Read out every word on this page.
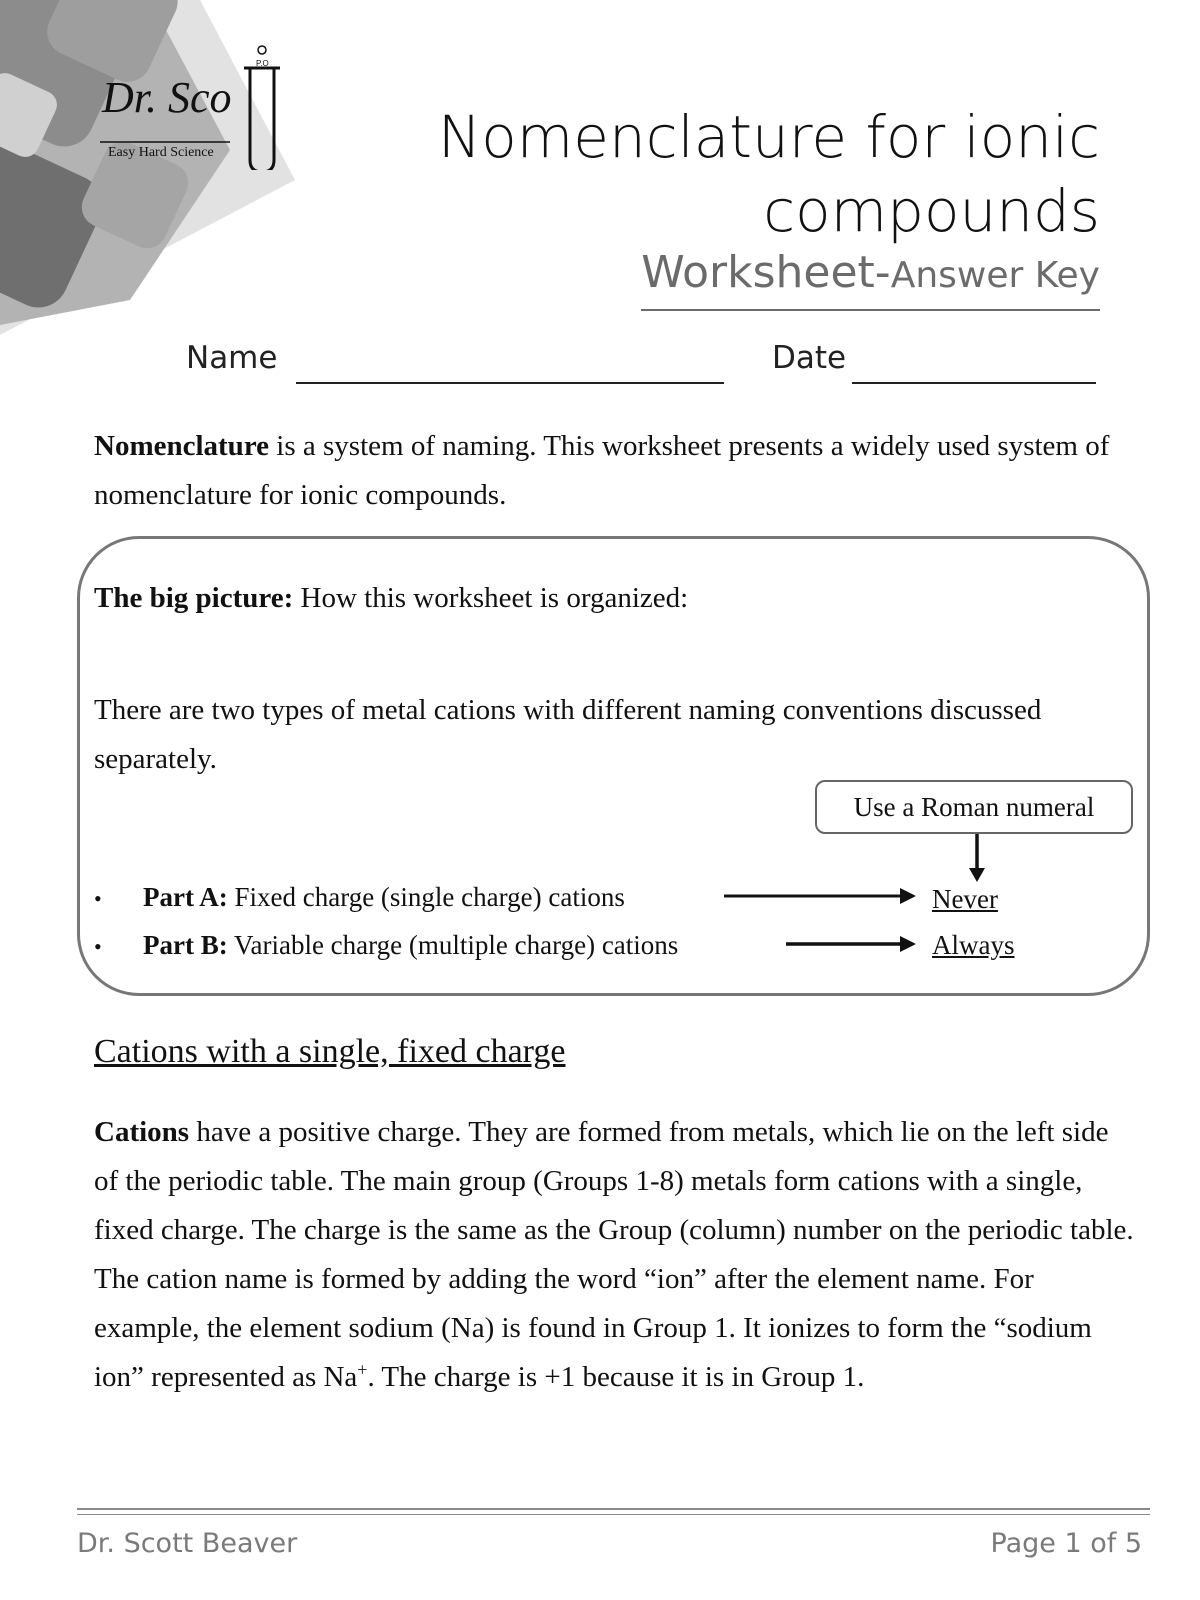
Dr. Sco
Easy Hard Science
P.O
Nomenclature for ionic
compounds
Worksheet-Answer Key
Name	Date

Nomenclature is a system of naming. This worksheet presents a widely used system of nomenclature for ionic compounds.

The big picture: How this worksheet is organized:

There are two types of metal cations with different naming conventions discussed separately.

Use a Roman numeral
• Part A: Fixed charge (single charge) cations	Never
• Part B: Variable charge (multiple charge) cations	Always
Cations with a single, fixed charge

Cations have a positive charge. They are formed from metals, which lie on the left side of the periodic table. The main group (Groups 1-8) metals form cations with a single, fixed charge. The charge is the same as the Group (column) number on the periodic table. The cation name is formed by adding the word “ion” after the element name. For example, the element sodium (Na) is found in Group 1. It ionizes to form the “sodium ion” represented as Na+. The charge is +1 because it is in Group 1.

Dr. Scott Beaver	Page 1 of 5
